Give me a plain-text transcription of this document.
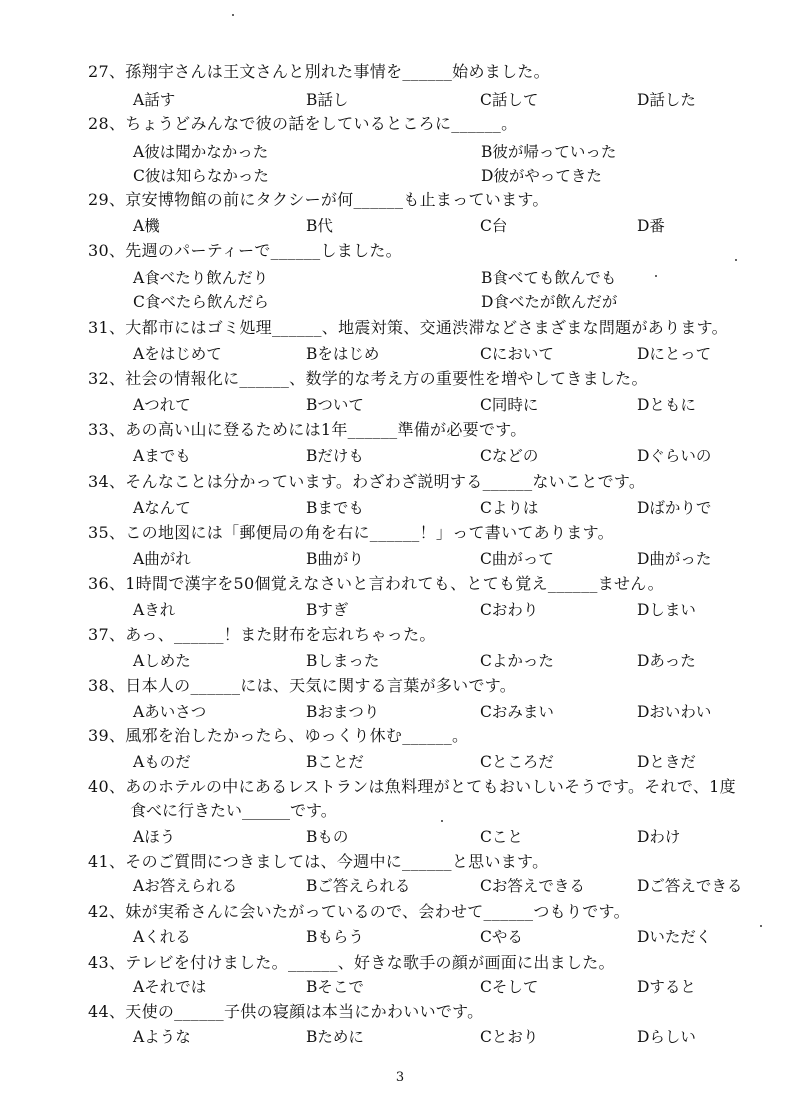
27、孫翔宇さんは王文さんと別れた事情を______始めました。
A話す	B話し	C話して	D話した
28、ちょうどみんなで彼の話をしているところに______。
A彼は聞かなかった	B彼が帰っていった
C彼は知らなかった	D彼がやってきた
29、京安博物館の前にタクシーが何______も止まっています。
A機	B代	C台	D番
30、先週のパーティーで______しました。
A食べたり飲んだり	B食べても飲んでも
C食べたら飲んだら	D食べたが飲んだが
31、大都市にはゴミ処理______、地震対策、交通渋滞などさまざまな問題があります。
Aをはじめて	Bをはじめ	Cにおいて	Dにとって
32、社会の情報化に______、数学的な考え方の重要性を増やしてきました。
Aつれて	Bついて	C同時に	Dともに
33、あの高い山に登るためには1年______準備が必要です。
Aまでも	Bだけも	Cなどの	Dぐらいの
34、そんなことは分かっています。わざわざ説明する______ないことです。
Aなんて	Bまでも	Cよりは	Dばかりで
35、この地図には「郵便局の角を右に______！」って書いてあります。
A曲がれ	B曲がり	C曲がって	D曲がった
36、1時間で漢字を50個覚えなさいと言われても、とても覚え______ません。
Aきれ	Bすぎ	Cおわり	Dしまい
37、あっ、______！また財布を忘れちゃった。
Aしめた	Bしまった	Cよかった	Dあった
38、日本人の______には、天気に関する言葉が多いです。
Aあいさつ	Bおまつり	Cおみまい	Dおいわい
39、風邪を治したかったら、ゆっくり休む______。
Aものだ	Bことだ	Cところだ	Dときだ
40、あのホテルの中にあるレストランは魚料理がとてもおいしいそうです。それで、1度
食べに行きたい______です。
Aほう	Bもの	Cこと	Dわけ
41、そのご質問につきましては、今週中に______と思います。
Aお答えられる	Bご答えられる	Cお答えできる	Dご答えできる
42、妹が実希さんに会いたがっているので、会わせて______つもりです。
Aくれる	Bもらう	Cやる	Dいただく
43、テレビを付けました。______、好きな歌手の顔が画面に出ました。
Aそれでは	Bそこで	Cそして	Dすると
44、天使の______子供の寝顔は本当にかわいいです。
Aような	Bために	Cとおり	Dらしい
3
